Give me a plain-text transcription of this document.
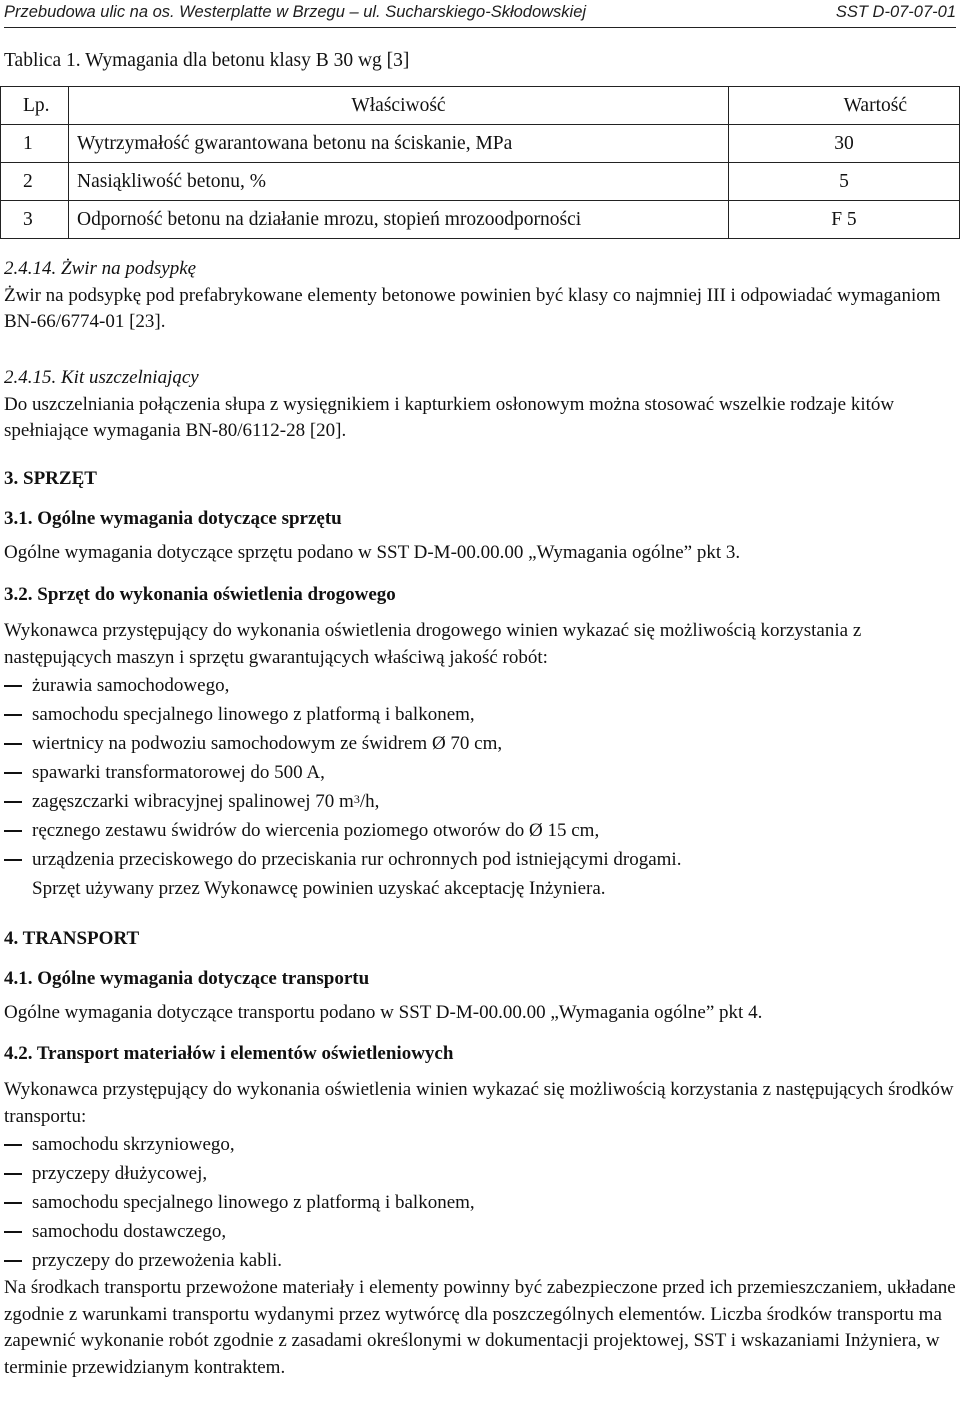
Przebudowa ulic na os. Westerplatte w Brzegu – ul. Sucharskiego-Skłodowskiej	SST D-07-07-01
Tablica 1. Wymagania dla betonu klasy B 30 wg [3]
Lp.	Właściwość	Wartość
1	Wytrzymałość gwarantowana betonu na ściskanie, MPa	30
2	Nasiąkliwość betonu, %	5
3	Odporność betonu na działanie mrozu, stopień mrozoodporności	F 5
2.4.14. Żwir na podsypkę
Żwir na podsypkę pod prefabrykowane elementy betonowe powinien być klasy co najmniej III i odpowiadać wymaganiom BN-66/6774-01 [23].
2.4.15. Kit uszczelniający
Do uszczelniania połączenia słupa z wysięgnikiem i kapturkiem osłonowym można stosować wszelkie rodzaje kitów spełniające wymagania BN-80/6112-28 [20].
3. SPRZĘT
3.1. Ogólne wymagania dotyczące sprzętu
Ogólne wymagania dotyczące sprzętu podano w SST D-M-00.00.00 „Wymagania ogólne” pkt 3.
3.2. Sprzęt do wykonania oświetlenia drogowego
Wykonawca przystępujący do wykonania oświetlenia drogowego winien wykazać się możliwością korzystania z następujących maszyn i sprzętu gwarantujących właściwą jakość robót:
żurawia samochodowego,
samochodu specjalnego linowego z platformą i balkonem,
wiertnicy na podwoziu samochodowym ze świdrem Ø 70 cm,
spawarki transformatorowej do 500 A,
zagęszczarki wibracyjnej spalinowej 70 $m^3/h$,
ręcznego zestawu świdrów do wiercenia poziomego otworów do Ø 15 cm,
urządzenia przeciskowego do przeciskania rur ochronnych pod istniejącymi drogami.
Sprzęt używany przez Wykonawcę powinien uzyskać akceptację Inżyniera.
4. TRANSPORT
4.1. Ogólne wymagania dotyczące transportu
Ogólne wymagania dotyczące transportu podano w SST D-M-00.00.00 „Wymagania ogólne” pkt 4.
4.2. Transport materiałów i elementów oświetleniowych
Wykonawca przystępujący do wykonania oświetlenia winien wykazać się możliwością korzystania z następujących środków transportu:
samochodu skrzyniowego,
przyczepy dłużycowej,
samochodu specjalnego linowego z platformą i balkonem,
samochodu dostawczego,
przyczepy do przewożenia kabli.
Na środkach transportu przewożone materiały i elementy powinny być zabezpieczone przed ich przemieszczaniem, układane zgodnie z warunkami transportu wydanymi przez wytwórcę dla poszczególnych elementów. Liczba środków transportu ma zapewnić wykonanie robót zgodnie z zasadami określonymi w dokumentacji projektowej, SST i wskazaniami Inżyniera, w terminie przewidzianym kontraktem.
